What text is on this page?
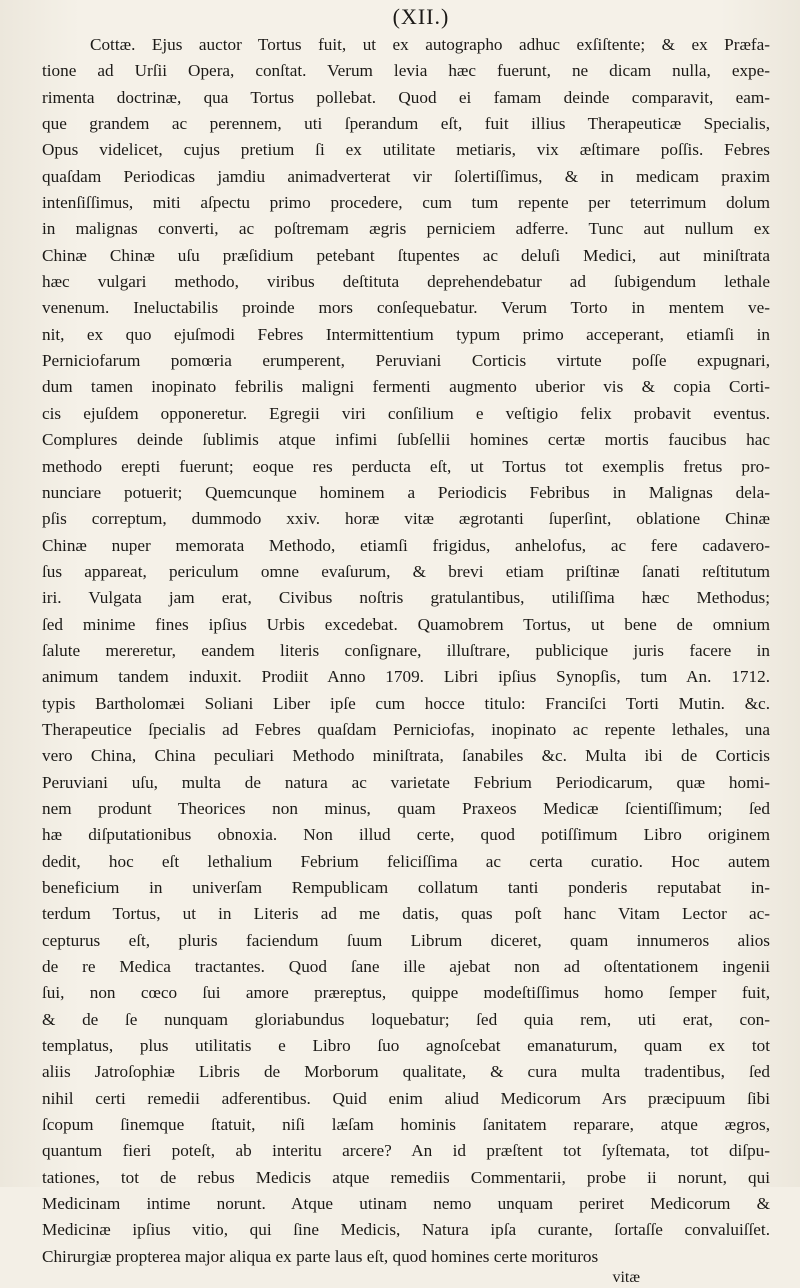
(XII.)
Cottæ. Ejus auctor Tortus fuit, ut ex autographo adhuc exſiſtente; & ex Præfa-
tione ad Urſii Opera, conſtat. Verum levia hæc fuerunt, ne dicam nulla, expe-
rimenta doctrinæ, qua Tortus pollebat. Quod ei famam deinde comparavit, eam-
que grandem ac perennem, uti ſperandum eſt, fuit illius Therapeuticæ Specialis,
Opus videlicet, cujus pretium ſi ex utilitate metiaris, vix æſtimare poſſis. Febres
quaſdam Periodicas jamdiu animadverterat vir ſolertiſſimus, & in medicam praxim
intenſiſſimus, miti aſpectu primo procedere, cum tum repente per teterrimum dolum
in malignas converti, ac poſtremam ægris perniciem adferre. Tunc aut nullum ex
Chinæ Chinæ uſu præſidium petebant ſtupentes ac deluſi Medici, aut miniſtrata
hæc vulgari methodo, viribus deſtituta deprehendebatur ad ſubigendum lethale
venenum. Ineluctabilis proinde mors conſequebatur. Verum Torto in mentem ve-
nit, ex quo ejuſmodi Febres Intermittentium typum primo acceperant, etiamſi in
Perniciofarum pomœria erumperent, Peruviani Corticis virtute poſſe expugnari,
dum tamen inopinato febrilis maligni fermenti augmento uberior vis & copia Corti-
cis ejuſdem opponeretur. Egregii viri conſilium e veſtigio felix probavit eventus.
Complures deinde ſublimis atque infimi ſubſellii homines certæ mortis faucibus hac
methodo erepti fuerunt; eoque res perducta eſt, ut Tortus tot exemplis fretus pro-
nunciare potuerit; Quemcunque hominem a Periodicis Febribus in Malignas dela-
pſis correptum, dummodo xxiv. horæ vitæ ægrotanti ſuperſint, oblatione Chinæ
Chinæ nuper memorata Methodo, etiamſi frigidus, anhelofus, ac fere cadavero-
ſus appareat, periculum omne evaſurum, & brevi etiam priſtinæ ſanati reſtitutum
iri. Vulgata jam erat, Civibus noſtris gratulantibus, utiliſſima hæc Methodus;
ſed minime fines ipſius Urbis excedebat. Quamobrem Tortus, ut bene de omnium
ſalute mereretur, eandem literis conſignare, illuſtrare, publicique juris facere in
animum tandem induxit. Prodiit Anno 1709. Libri ipſius Synopſis, tum An. 1712.
typis Bartholomæi Soliani Liber ipſe cum hocce titulo: Franciſci Torti Mutin. &c.
Therapeutice ſpecialis ad Febres quaſdam Perniciofas, inopinato ac repente lethales, una
vero China, China peculiari Methodo miniſtrata, ſanabiles &c. Multa ibi de Corticis
Peruviani uſu, multa de natura ac varietate Febrium Periodicarum, quæ homi-
nem produnt Theorices non minus, quam Praxeos Medicæ ſcientiſſimum; ſed
hæ diſputationibus obnoxia. Non illud certe, quod potiſſimum Libro originem
dedit, hoc eſt lethalium Febrium feliciſſima ac certa curatio. Hoc autem
beneficium in univerſam Rempublicam collatum tanti ponderis reputabat in-
terdum Tortus, ut in Literis ad me datis, quas poſt hanc Vitam Lector ac-
cepturus eſt, pluris faciendum ſuum Librum diceret, quam innumeros alios
de re Medica tractantes. Quod ſane ille ajebat non ad oſtentationem ingenii
ſui, non cœco ſui amore præreptus, quippe modeſtiſſimus homo ſemper fuit,
& de ſe nunquam gloriabundus loquebatur; ſed quia rem, uti erat, con-
templatus, plus utilitatis e Libro ſuo agnoſcebat emanaturum, quam ex tot
aliis Jatroſophiæ Libris de Morborum qualitate, & cura multa tradentibus, ſed
nihil certi remedii adferentibus. Quid enim aliud Medicorum Ars præcipuum ſibi
ſcopum ſinemque ſtatuit, niſi læſam hominis ſanitatem reparare, atque ægros,
quantum fieri poteſt, ab interitu arcere? An id præſtent tot ſyſtemata, tot diſpu-
tationes, tot de rebus Medicis atque remediis Commentarii, probe ii norunt, qui
Medicinam intime norunt. Atque utinam nemo unquam periret Medicorum &
Medicinæ ipſius vitio, qui ſine Medicis, Natura ipſa curante, ſortaſſe convaluiſſet.
Chirurgiæ propterea major aliqua ex parte laus eſt, quod homines certe morituros
vitæ
